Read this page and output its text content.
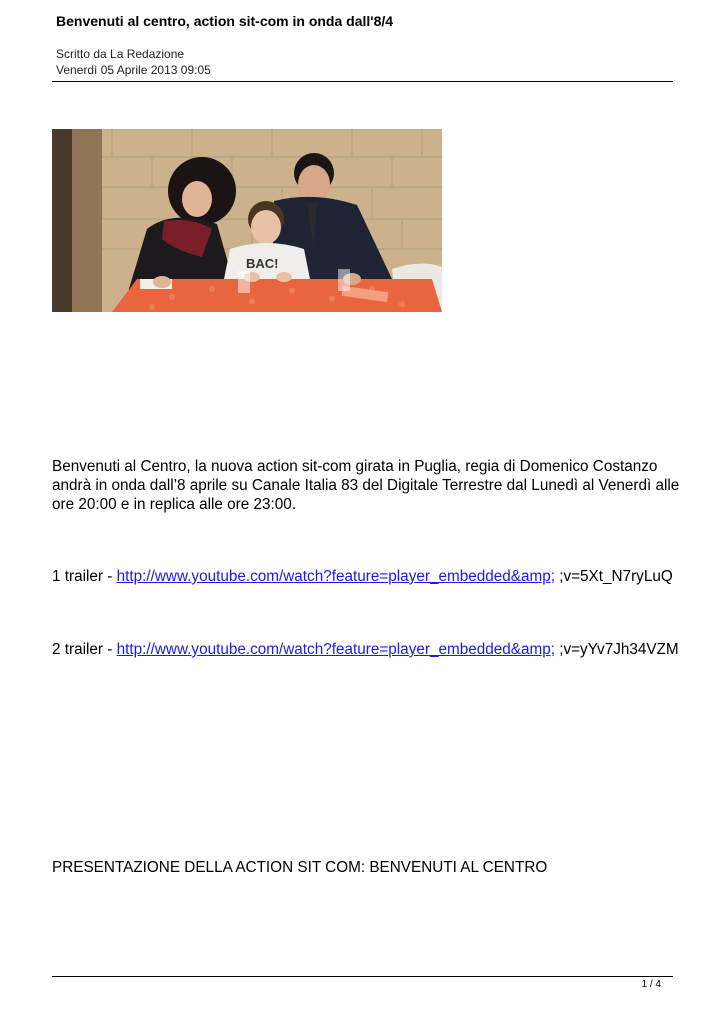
Benvenuti al centro, action sit-com in onda dall'8/4
Scritto da La Redazione
Venerdì 05 Aprile 2013 09:05
BAC!
Benvenuti al Centro, la nuova action sit-com girata in Puglia, regia di Domenico Costanzo andrà in onda dall’8 aprile su Canale Italia 83 del Digitale Terrestre dal Lunedì al Venerdì alle ore 20:00 e in replica alle ore 23:00.
1 trailer - http://www.youtube.com/watch?feature=player_embedded&amp; ;v=5Xt_N7ryLuQ
2 trailer - http://www.youtube.com/watch?feature=player_embedded&amp; ;v=yYv7Jh34VZM
PRESENTAZIONE DELLA ACTION SIT COM: BENVENUTI AL CENTRO
1 / 4
